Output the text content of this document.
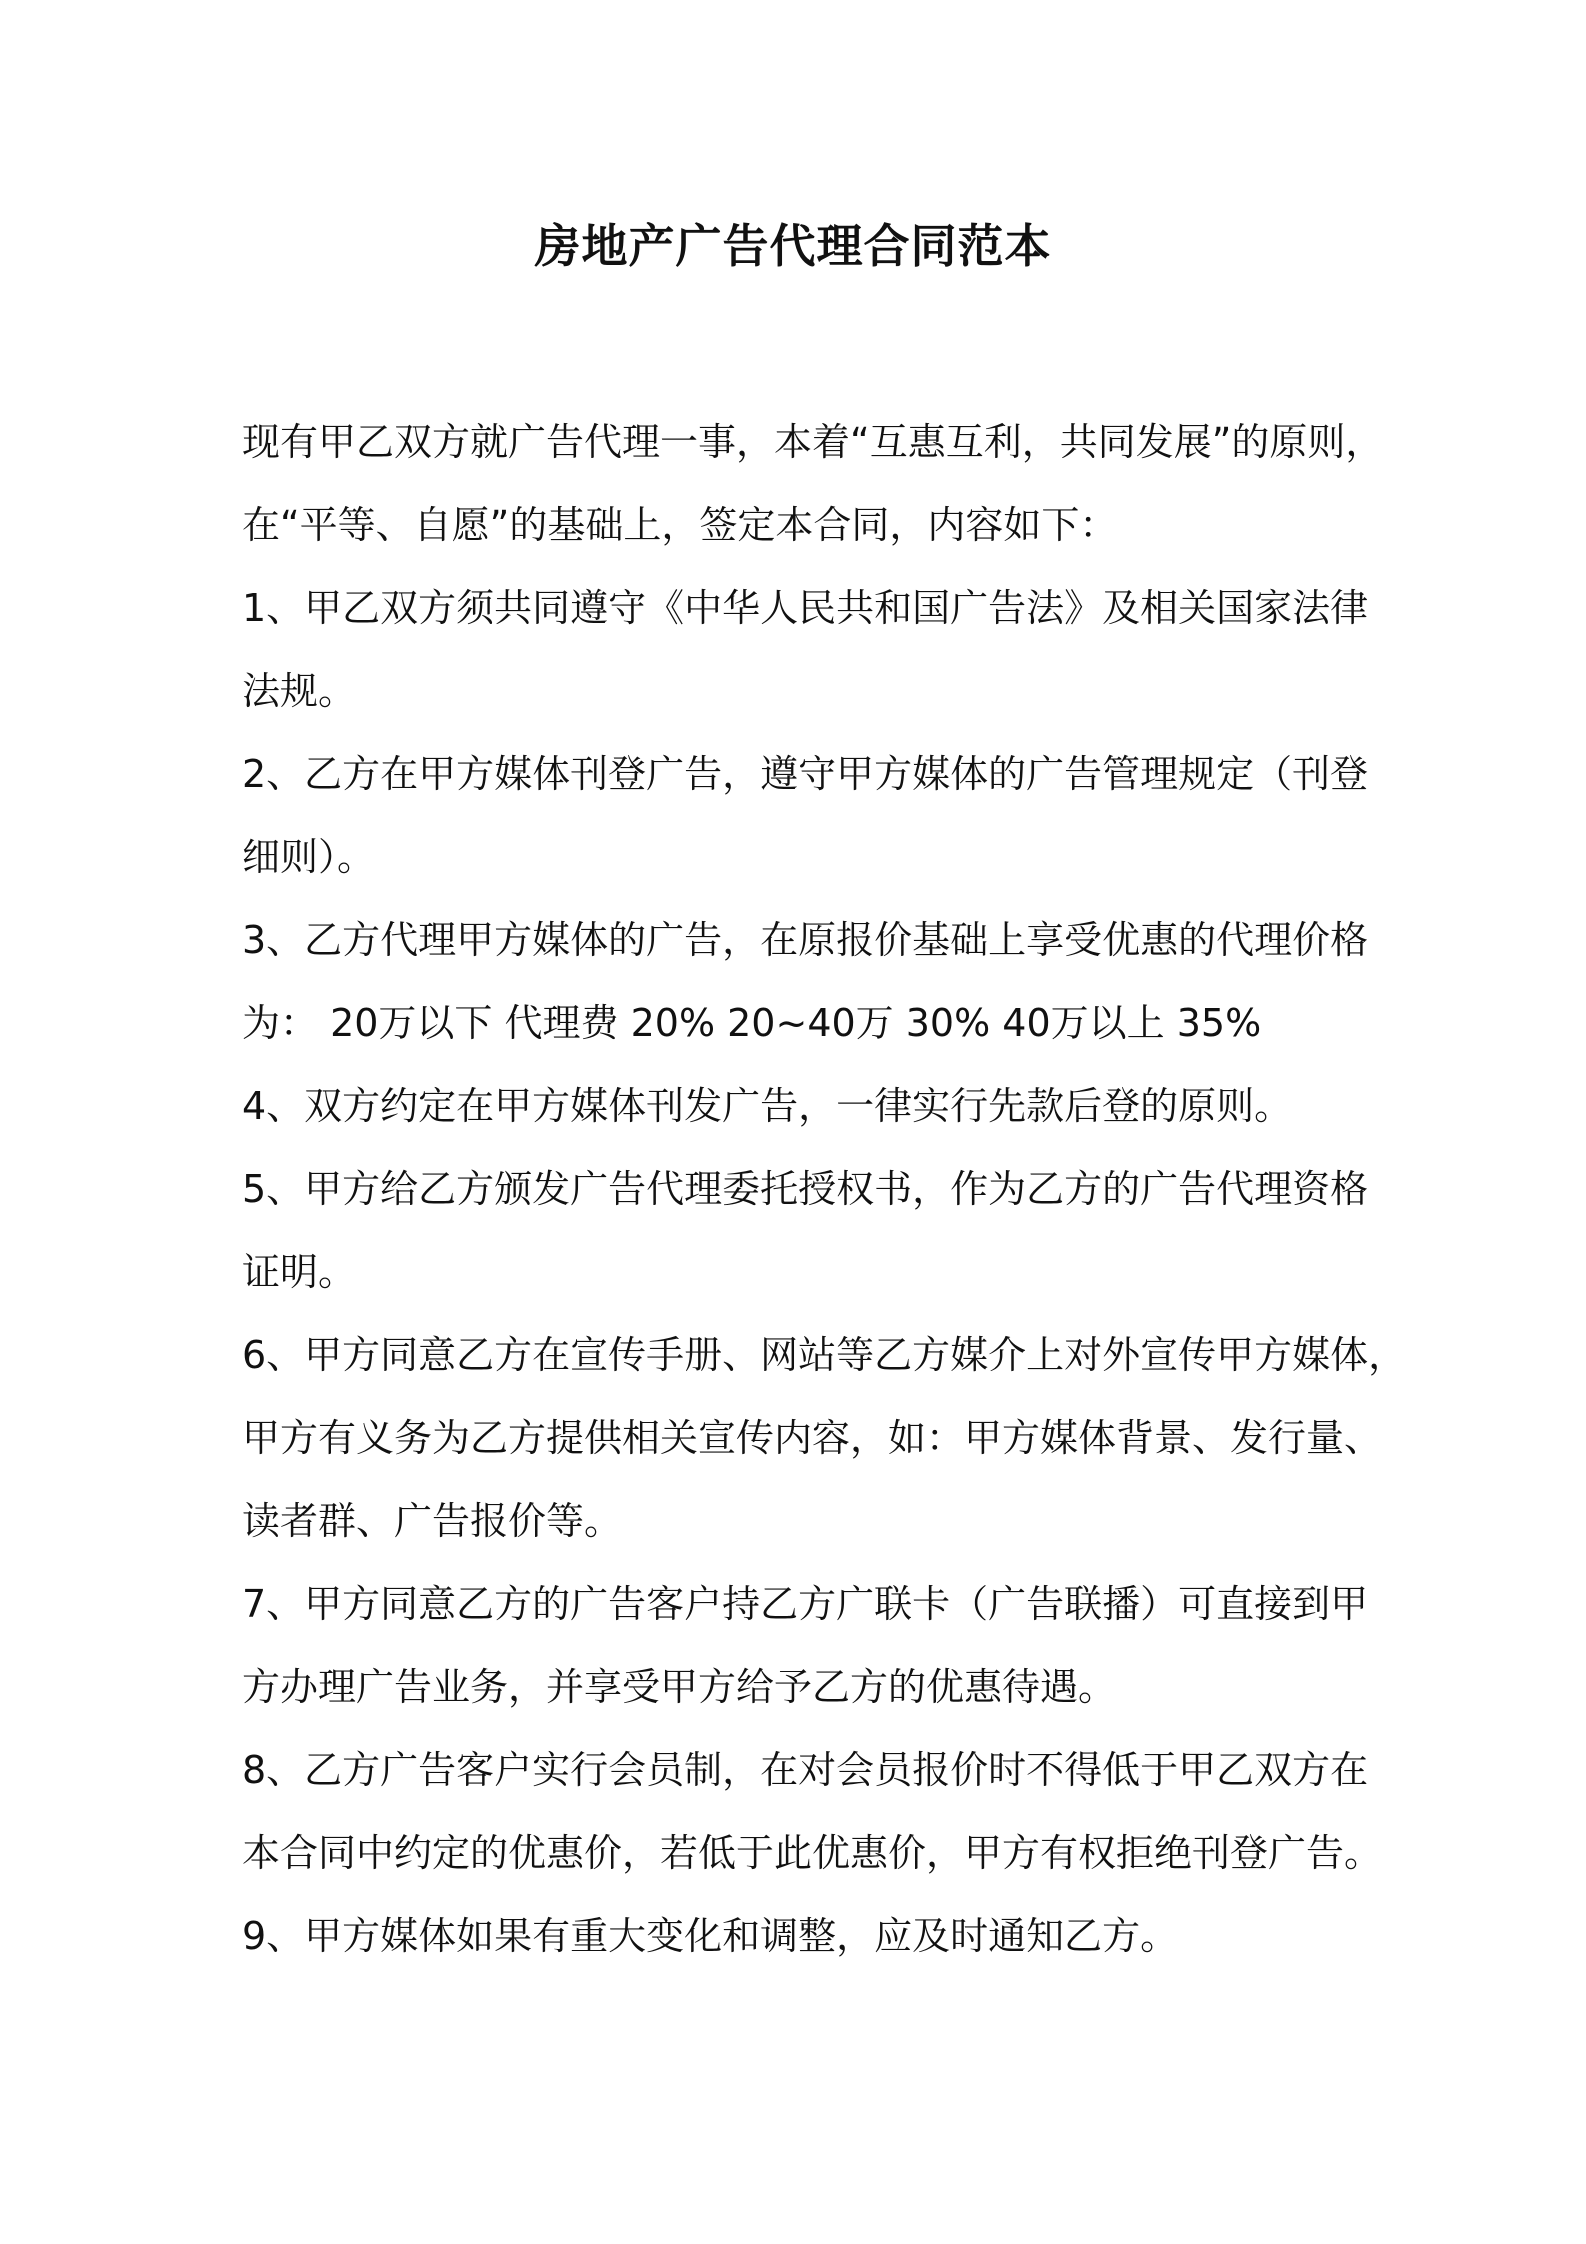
房地产广告代理合同范本
现有甲乙双方就广告代理一事，本着“互惠互利，共同发展”的原则，
在“平等、自愿”的基础上，签定本合同，内容如下：
1、甲乙双方须共同遵守《中华人民共和国广告法》及相关国家法律
法规。
2、乙方在甲方媒体刊登广告，遵守甲方媒体的广告管理规定（刊登
细则）。
3、乙方代理甲方媒体的广告，在原报价基础上享受优惠的代理价格
为： 20万以下 代理费 20% 20~40万 30% 40万以上 35%
4、双方约定在甲方媒体刊发广告，一律实行先款后登的原则。
5、甲方给乙方颁发广告代理委托授权书，作为乙方的广告代理资格
证明。
6、甲方同意乙方在宣传手册、网站等乙方媒介上对外宣传甲方媒体，
甲方有义务为乙方提供相关宣传内容，如：甲方媒体背景、发行量、
读者群、广告报价等。
7、甲方同意乙方的广告客户持乙方广联卡（广告联播）可直接到甲
方办理广告业务，并享受甲方给予乙方的优惠待遇。
8、乙方广告客户实行会员制，在对会员报价时不得低于甲乙双方在
本合同中约定的优惠价，若低于此优惠价，甲方有权拒绝刊登广告。
9、甲方媒体如果有重大变化和调整，应及时通知乙方。
